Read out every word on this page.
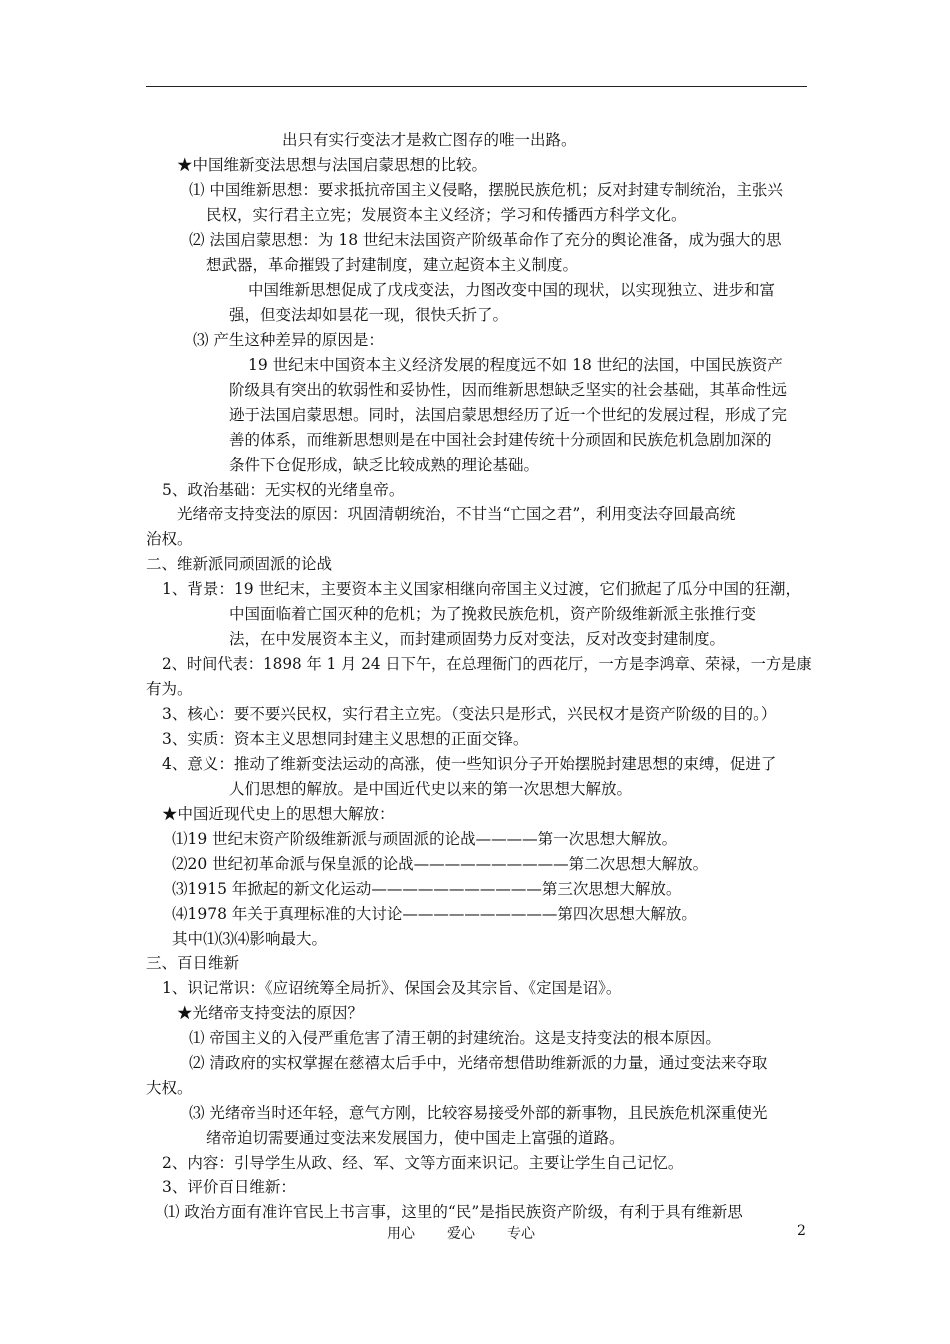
出只有实行变法才是救亡图存的唯一出路。
★中国维新变法思想与法国启蒙思想的比较。
⑴ 中国维新思想：要求抵抗帝国主义侵略，摆脱民族危机；反对封建专制统治，主张兴
民权，实行君主立宪；发展资本主义经济；学习和传播西方科学文化。
⑵ 法国启蒙思想：为 18 世纪末法国资产阶级革命作了充分的舆论准备，成为强大的思
想武器，革命摧毁了封建制度，建立起资本主义制度。
中国维新思想促成了戊戌变法，力图改变中国的现状，以实现独立、进步和富
强，但变法却如昙花一现，很快夭折了。
⑶ 产生这种差异的原因是：
19 世纪末中国资本主义经济发展的程度远不如 18 世纪的法国，中国民族资产
阶级具有突出的软弱性和妥协性，因而维新思想缺乏坚实的社会基础，其革命性远
逊于法国启蒙思想。同时，法国启蒙思想经历了近一个世纪的发展过程，形成了完
善的体系，而维新思想则是在中国社会封建传统十分顽固和民族危机急剧加深的
条件下仓促形成，缺乏比较成熟的理论基础。
5、政治基础：无实权的光绪皇帝。
光绪帝支持变法的原因：巩固清朝统治，不甘当“亡国之君”，利用变法夺回最高统
治权。
二、维新派同顽固派的论战
1、背景：19 世纪末，主要资本主义国家相继向帝国主义过渡，它们掀起了瓜分中国的狂潮，
中国面临着亡国灭种的危机；为了挽救民族危机，资产阶级维新派主张推行变
法，在中发展资本主义，而封建顽固势力反对变法，反对改变封建制度。
2、时间代表：1898 年 1 月 24 日下午，在总理衙门的西花厅，一方是李鸿章、荣禄，一方是康
有为。
3、核心：要不要兴民权，实行君主立宪。（变法只是形式，兴民权才是资产阶级的目的。）
3、实质：资本主义思想同封建主义思想的正面交锋。
4、意义：推动了维新变法运动的高涨，使一些知识分子开始摆脱封建思想的束缚，促进了
人们思想的解放。是中国近代史以来的第一次思想大解放。
★中国近现代史上的思想大解放：
⑴19 世纪末资产阶级维新派与顽固派的论战————第一次思想大解放。
⑵20 世纪初革命派与保皇派的论战——————————第二次思想大解放。
⑶1915 年掀起的新文化运动———————————第三次思想大解放。
⑷1978 年关于真理标准的大讨论——————————第四次思想大解放。
其中⑴⑶⑷影响最大。
三、百日维新
1、识记常识：《应诏统筹全局折》、保国会及其宗旨、《定国是诏》。
★光绪帝支持变法的原因？
⑴ 帝国主义的入侵严重危害了清王朝的封建统治。这是支持变法的根本原因。
⑵ 清政府的实权掌握在慈禧太后手中，光绪帝想借助维新派的力量，通过变法来夺取
大权。
⑶ 光绪帝当时还年轻，意气方刚，比较容易接受外部的新事物，且民族危机深重使光
绪帝迫切需要通过变法来发展国力，使中国走上富强的道路。
2、内容：引导学生从政、经、军、文等方面来识记。主要让学生自己记忆。
3、评价百日维新：
⑴ 政治方面有准许官民上书言事，这里的“民”是指民族资产阶级，有利于具有维新思
用心 爱心 专心	2
